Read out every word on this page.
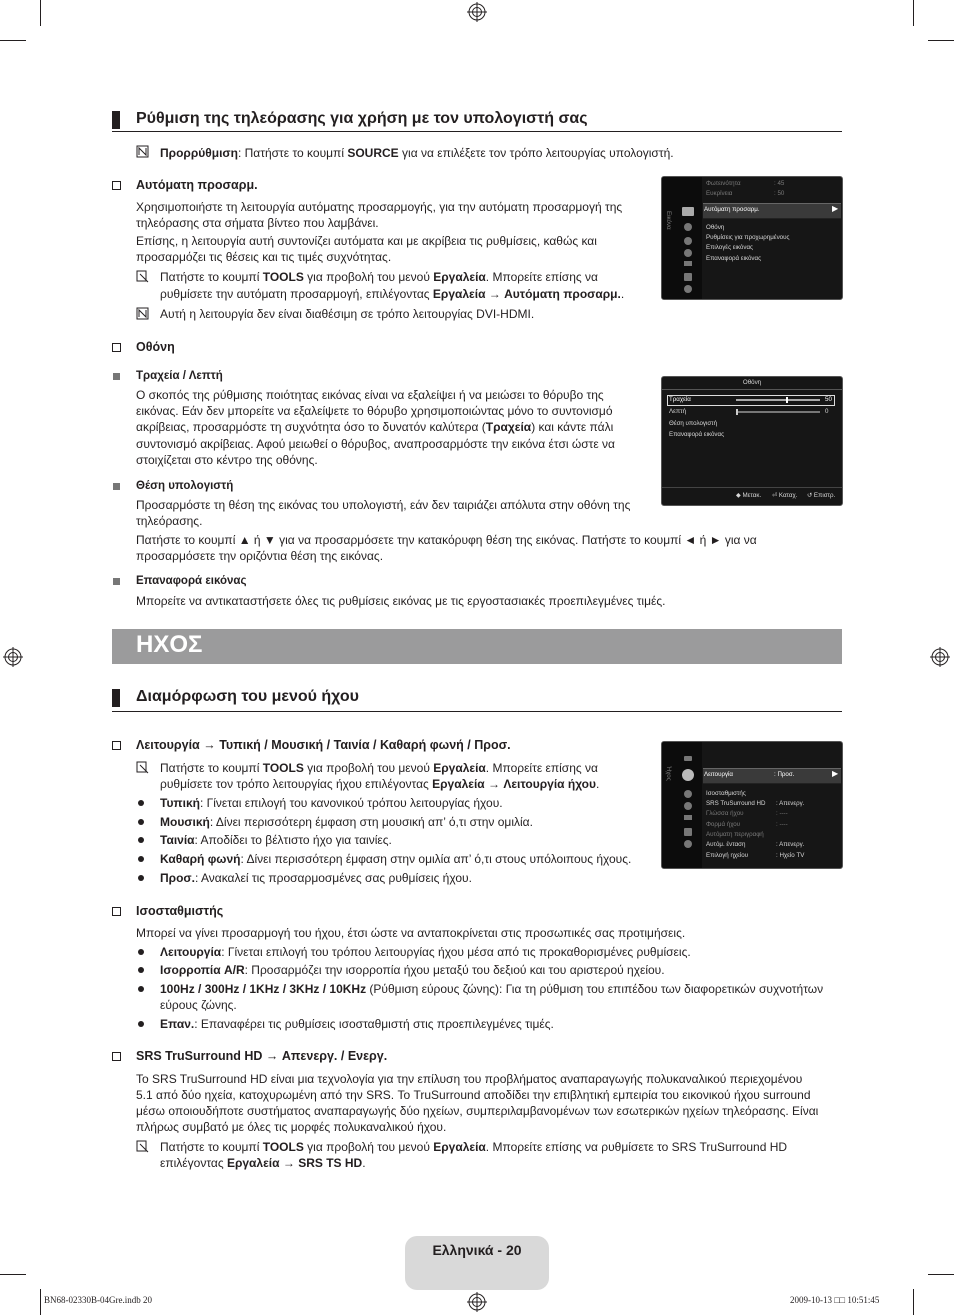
Ρύθμιση της τηλεόρασης για χρήση με τον υπολογιστή σας
Προρρύθμιση: Πατήστε το κουμπί SOURCE για να επιλέξετε τον τρόπο λειτουργίας υπολογιστή.
Αυτόματη προσαρμ.
Χρησιμοποιήστε τη λειτουργία αυτόματης προσαρμογής, για την αυτόματη προσαρμογή της
τηλεόρασης στα σήματα βίντεο που λαμβάνει.
Επίσης, η λειτουργία αυτή συντονίζει αυτόματα και με ακρίβεια τις ρυθμίσεις, καθώς και
προσαρμόζει τις θέσεις και τις τιμές συχνότητας.
Πατήστε το κουμπί TOOLS για προβολή του μενού Εργαλεία. Μπορείτε επίσης να
ρυθμίσετε την αυτόματη προσαρμογή, επιλέγοντας Εργαλεία → Αυτόματη προσαρμ..
Αυτή η λειτουργία δεν είναι διαθέσιμη σε τρόπο λειτουργίας DVI-HDMI.
Οθόνη
Τραχεία / Λεπτή
Ο σκοπός της ρύθμισης ποιότητας εικόνας είναι να εξαλείψει ή να μειώσει το θόρυβο της
εικόνας. Εάν δεν μπορείτε να εξαλείψετε το θόρυβο χρησιμοποιώντας μόνο το συντονισμό
ακρίβειας, προσαρμόστε τη συχνότητα όσο το δυνατόν καλύτερα (Τραχεία) και κάντε πάλι
συντονισμό ακρίβειας. Αφού μειωθεί ο θόρυβος, αναπροσαρμόστε την εικόνα έτσι ώστε να
στοιχίζεται στο κέντρο της οθόνης.
Θέση υπολογιστή
Προσαρμόστε τη θέση της εικόνας του υπολογιστή, εάν δεν ταιριάζει απόλυτα στην οθόνη της
τηλεόρασης.
Πατήστε το κουμπί ▲ ή ▼ για να προσαρμόσετε την κατακόρυφη θέση της εικόνας. Πατήστε το κουμπί ◄ ή ► για να
προσαρμόσετε την οριζόντια θέση της εικόνας.
Επαναφορά εικόνας
Μπορείτε να αντικαταστήσετε όλες τις ρυθμίσεις εικόνας με τις εργοστασιακές προεπιλεγμένες τιμές.
Εικόνα
Φωτεινότητα	: 45
Ευκρίνεια	: 50
Αυτόματη προσαρμ.	▶
Οθόνη
Ρυθμίσεις για προχωρημένους
Επιλογές εικόνας
Επαναφορά εικόνας
Οθόνη
Τραχεία	50
Λεπτή	0
Θέση υπολογιστή
Επαναφορά εικόνας
◆ Μετακ. ⏎ Καταχ. ↺ Επιστρ.
ΗΧΟΣ
Διαμόρφωση του μενού ήχου
Λειτουργία → Τυπική / Μουσική / Ταινία / Καθαρή φωνή / Προσ.
Πατήστε το κουμπί TOOLS για προβολή του μενού Εργαλεία. Μπορείτε επίσης να
ρυθμίσετε τον τρόπο λειτουργίας ήχου επιλέγοντας Εργαλεία → Λειτουργία ήχου.
Τυπική: Γίνεται επιλογή του κανονικού τρόπου λειτουργίας ήχου.
Μουσική: Δίνει περισσότερη έμφαση στη μουσική απ’ ό,τι στην ομιλία.
Ταινία: Αποδίδει το βέλτιστο ήχο για ταινίες.
Καθαρή φωνή: Δίνει περισσότερη έμφαση στην ομιλία απ’ ό,τι στους υπόλοιπους ήχους.
Προσ.: Ανακαλεί τις προσαρμοσμένες σας ρυθμίσεις ήχου.
Ήχος	Λειτουργία	: Προσ.	▶
Ισοσταθμιστής
SRS TruSurround HD : Απενεργ.
Γλώσσα ήχου	: ----
Φορμά ήχου	: ----
Αυτόματη περιγραφή
Αυτόμ. ένταση	: Απενεργ.
Επιλογή ηχείου	: Ηχείο TV
Ισοσταθμιστής
Μπορεί να γίνει προσαρμογή του ήχου, έτσι ώστε να ανταποκρίνεται στις προσωπικές σας προτιμήσεις.
Λειτουργία: Γίνεται επιλογή του τρόπου λειτουργίας ήχου μέσα από τις προκαθορισμένες ρυθμίσεις.
Ισορροπία A/R: Προσαρμόζει την ισορροπία ήχου μεταξύ του δεξιού και του αριστερού ηχείου.
100Hz / 300Hz / 1KHz / 3KHz / 10KHz (Ρύθμιση εύρους ζώνης): Για τη ρύθμιση του επιπέδου των διαφορετικών συχνοτήτων
εύρους ζώνης.
Επαν.: Επαναφέρει τις ρυθμίσεις ισοσταθμιστή στις προεπιλεγμένες τιμές.
SRS TruSurround HD → Απενεργ. / Ενεργ.
Το SRS TruSurround HD είναι μια τεχνολογία για την επίλυση του προβλήματος αναπαραγωγής πολυκαναλικού περιεχομένου
5.1 από δύο ηχεία, κατοχυρωμένη από την SRS. Το TruSurround αποδίδει την επιβλητική εμπειρία του εικονικού ήχου surround
μέσω οποιουδήποτε συστήματος αναπαραγωγής δύο ηχείων, συμπεριλαμβανομένων των εσωτερικών ηχείων τηλεόρασης. Είναι
πλήρως συμβατό με όλες τις μορφές πολυκαναλικού ήχου.
Πατήστε το κουμπί TOOLS για προβολή του μενού Εργαλεία. Μπορείτε επίσης να ρυθμίσετε το SRS TruSurround HD
επιλέγοντας Εργαλεία → SRS TS HD.
Ελληνικά - 20
BN68-02330B-04Gre.indb 20	2009-10-13 □□ 10:51:45
